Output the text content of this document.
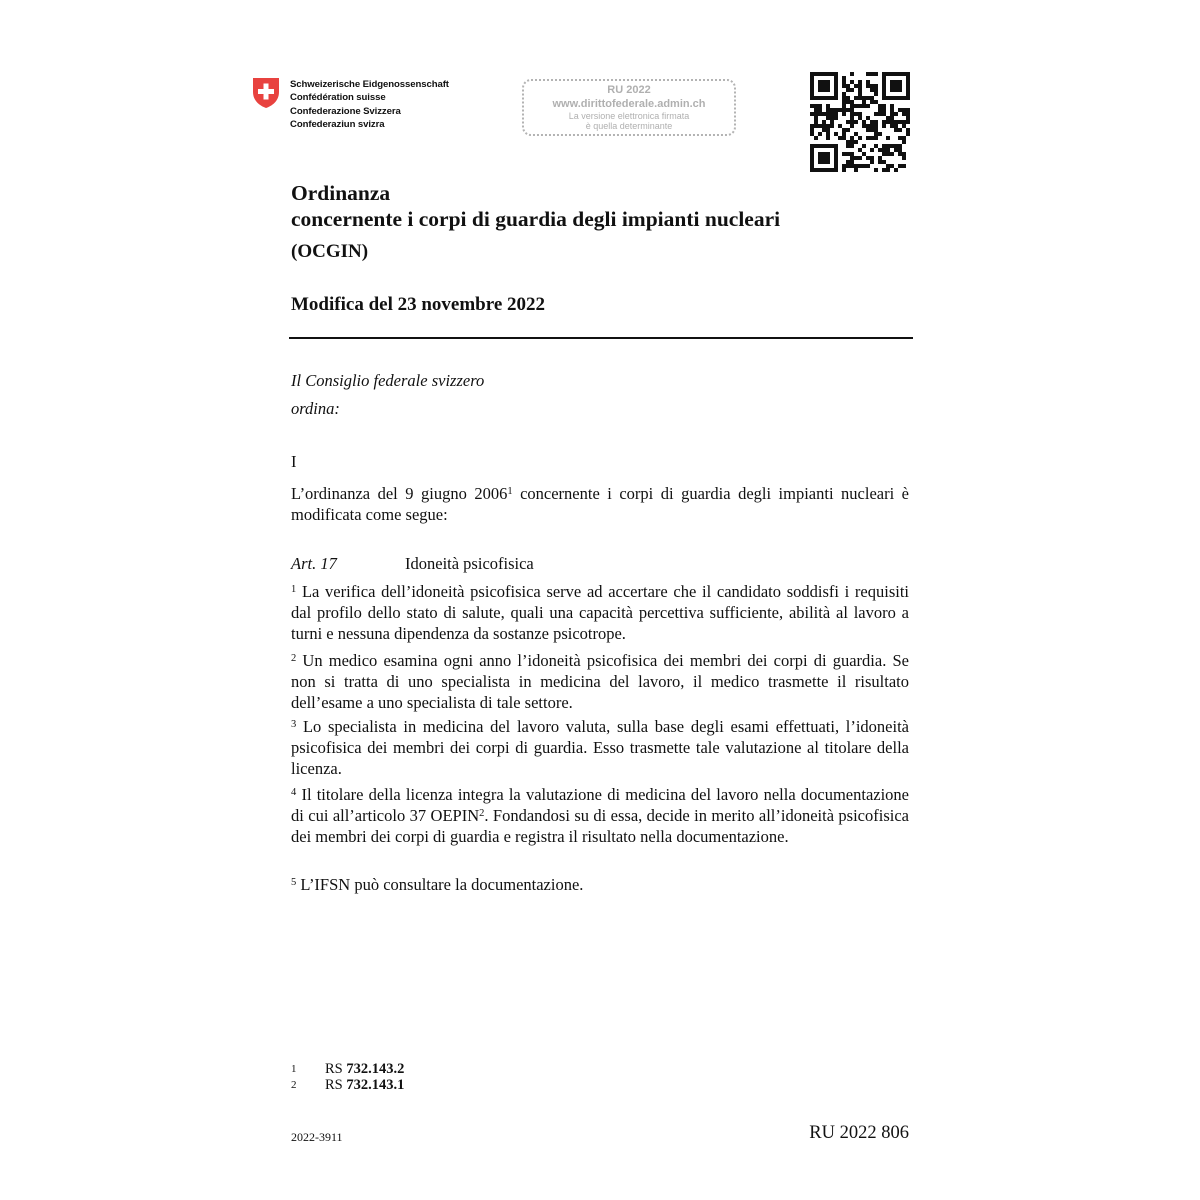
Schweizerische Eidgenossenschaft
Confédération suisse
Confederazione Svizzera
Confederaziun svizra
RU 2022
www.dirittofederale.admin.ch
La versione elettronica firmata
è quella determinante
Ordinanza
concernente i corpi di guardia degli impianti nucleari
(OCGIN)
Modifica del 23 novembre 2022
Il Consiglio federale svizzero
ordina:
I
L’ordinanza del 9 giugno 2006$^1$ concernente i corpi di guardia degli impianti nucleari è modificata come segue:
Art. 17	Idoneità psicofisica
$^1$ La verifica dell’idoneità psicofisica serve ad accertare che il candidato soddisfi i requisiti dal profilo dello stato di salute, quali una capacità percettiva sufficiente, abilità al lavoro a turni e nessuna dipendenza da sostanze psicotrope.
$^2$ Un medico esamina ogni anno l’idoneità psicofisica dei membri dei corpi di guardia. Se non si tratta di uno specialista in medicina del lavoro, il medico trasmette il risultato dell’esame a uno specialista di tale settore.
$^3$ Lo specialista in medicina del lavoro valuta, sulla base degli esami effettuati, l’idoneità psicofisica dei membri dei corpi di guardia. Esso trasmette tale valutazione al titolare della licenza.
$^4$ Il titolare della licenza integra la valutazione di medicina del lavoro nella documentazione di cui all’articolo 37 OEPIN$^2$. Fondandosi su di essa, decide in merito all’idoneità psicofisica dei membri dei corpi di guardia e registra il risultato nella documentazione.
$^5$ L’IFSN può consultare la documentazione.
1 RS 732.143.2
2 RS 732.143.1
2022-3911	RU 2022 806
